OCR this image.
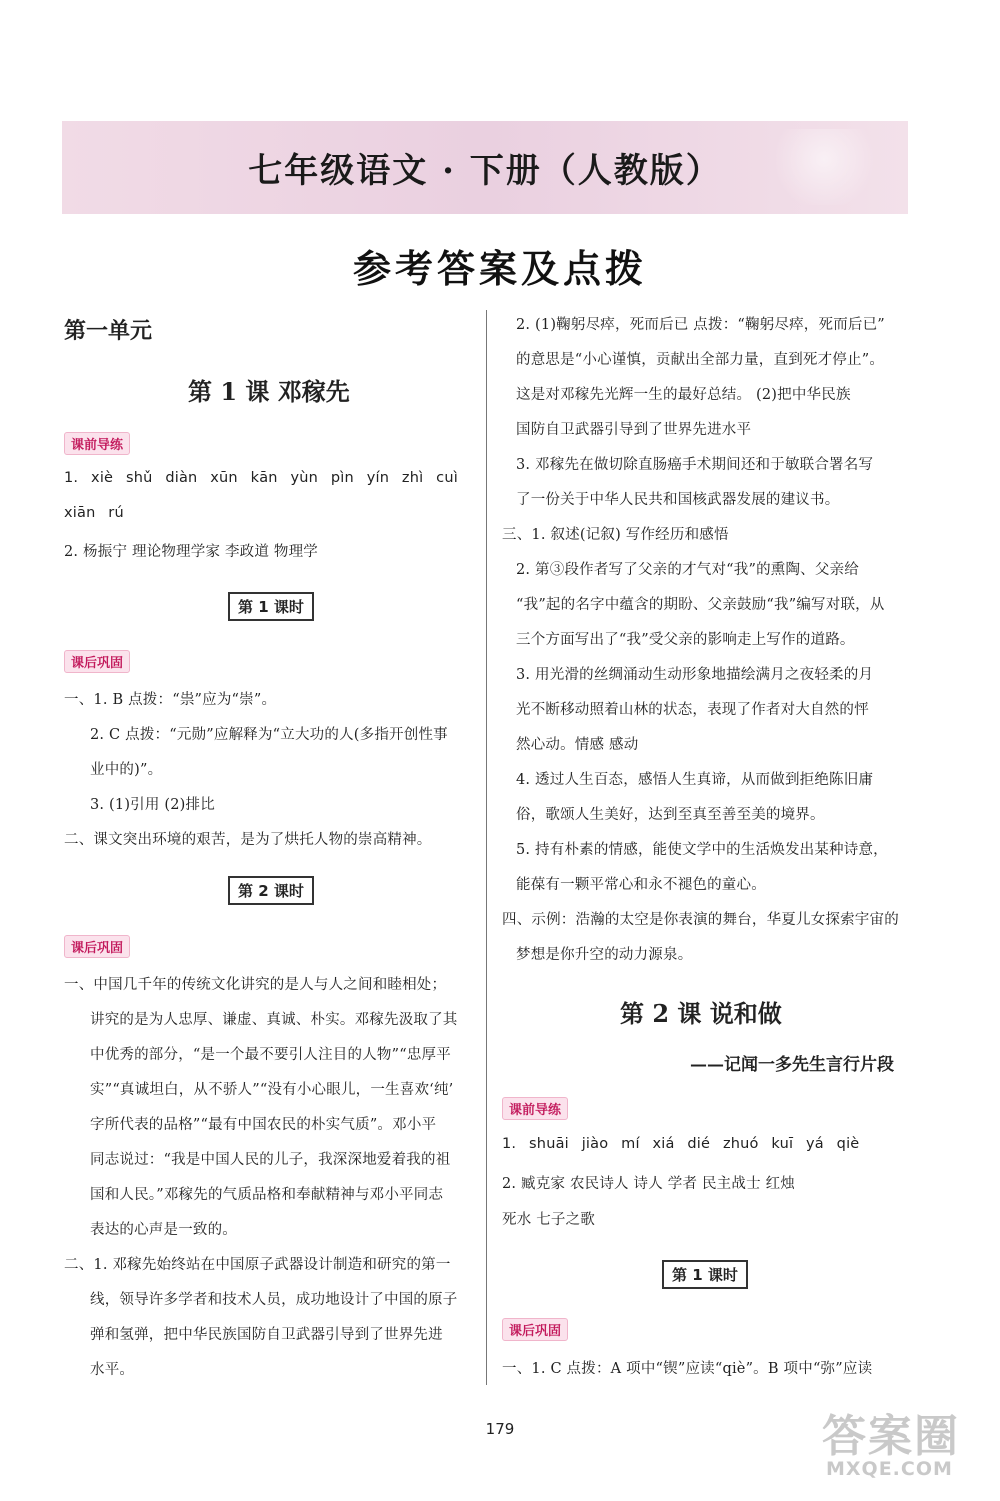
七年级语文 · 下册（人教版）
参考答案及点拨
第一单元
第 1 课 邓稼先
课前导练
1. xiè shǔ diàn xūn kān yùn pìn yín zhì cuì
xiān rú
2. 杨振宁 理论物理学家 李政道 物理学
第 1 课时
课后巩固
一、1. B 点拨：“祟”应为“崇”。
2. C 点拨：“元勋”应解释为“立大功的人(多指开创性事
业中的)”。
3. (1)引用 (2)排比
二、课文突出环境的艰苦，是为了烘托人物的崇高精神。
第 2 课时
课后巩固
一、中国几千年的传统文化讲究的是人与人之间和睦相处；
讲究的是为人忠厚、谦虚、真诚、朴实。邓稼先汲取了其
中优秀的部分，“是一个最不要引人注目的人物”“忠厚平
实”“真诚坦白，从不骄人”“没有小心眼儿，一生喜欢‘纯’
字所代表的品格”“最有中国农民的朴实气质”。邓小平
同志说过：“我是中国人民的儿子，我深深地爱着我的祖
国和人民。”邓稼先的气质品格和奉献精神与邓小平同志
表达的心声是一致的。
二、1. 邓稼先始终站在中国原子武器设计制造和研究的第一
线，领导许多学者和技术人员，成功地设计了中国的原子
弹和氢弹，把中华民族国防自卫武器引导到了世界先进
水平。
2. (1)鞠躬尽瘁，死而后已 点拨：“鞠躬尽瘁，死而后已”
的意思是“小心谨慎，贡献出全部力量，直到死才停止”。
这是对邓稼先光辉一生的最好总结。 (2)把中华民族
国防自卫武器引导到了世界先进水平
3. 邓稼先在做切除直肠癌手术期间还和于敏联合署名写
了一份关于中华人民共和国核武器发展的建议书。
三、1. 叙述(记叙) 写作经历和感悟
2. 第③段作者写了父亲的才气对“我”的熏陶、父亲给
“我”起的名字中蕴含的期盼、父亲鼓励“我”编写对联，从
三个方面写出了“我”受父亲的影响走上写作的道路。
3. 用光滑的丝绸涌动生动形象地描绘满月之夜轻柔的月
光不断移动照着山林的状态，表现了作者对大自然的怦
然心动。情感 感动
4. 透过人生百态，感悟人生真谛，从而做到拒绝陈旧庸
俗，歌颂人生美好，达到至真至善至美的境界。
5. 持有朴素的情感，能使文学中的生活焕发出某种诗意，
能葆有一颗平常心和永不褪色的童心。
四、示例：浩瀚的太空是你表演的舞台，华夏儿女探索宇宙的
梦想是你升空的动力源泉。
第 2 课 说和做
——记闻一多先生言行片段
课前导练
1. shuāi jiào mí xiá dié zhuó kuī yá qiè
2. 臧克家 农民诗人 诗人 学者 民主战士 红烛
死水 七子之歌
第 1 课时
课后巩固
一、1. C 点拨：A 项中“锲”应读“qiè”。B 项中“弥”应读
179	答案圈
MXQE.COM
